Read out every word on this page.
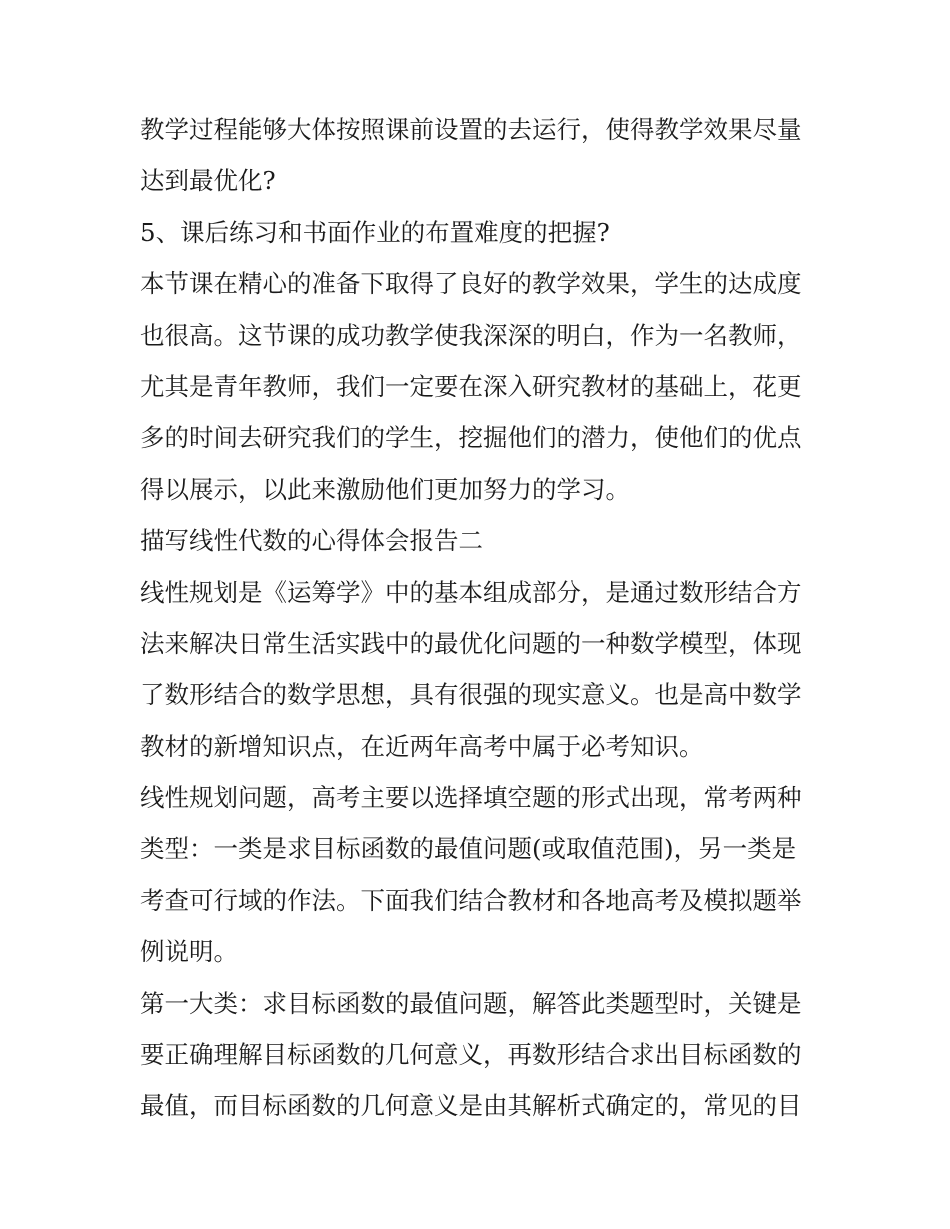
教学过程能够大体按照课前设置的去运行，使得教学效果尽量
达到最优化?
5、课后练习和书面作业的布置难度的把握?
本节课在精心的准备下取得了良好的教学效果，学生的达成度
也很高。这节课的成功教学使我深深的明白，作为一名教师，
尤其是青年教师，我们一定要在深入研究教材的基础上，花更
多的时间去研究我们的学生，挖掘他们的潜力，使他们的优点
得以展示，以此来激励他们更加努力的学习。
描写线性代数的心得体会报告二
线性规划是《运筹学》中的基本组成部分，是通过数形结合方
法来解决日常生活实践中的最优化问题的一种数学模型，体现
了数形结合的数学思想，具有很强的现实意义。也是高中数学
教材的新增知识点，在近两年高考中属于必考知识。
线性规划问题，高考主要以选择填空题的形式出现，常考两种
类型：一类是求目标函数的最值问题(或取值范围)，另一类是
考查可行域的作法。下面我们结合教材和各地高考及模拟题举
例说明。
第一大类：求目标函数的最值问题，解答此类题型时，关键是
要正确理解目标函数的几何意义，再数形结合求出目标函数的
最值，而目标函数的几何意义是由其解析式确定的，常见的目
